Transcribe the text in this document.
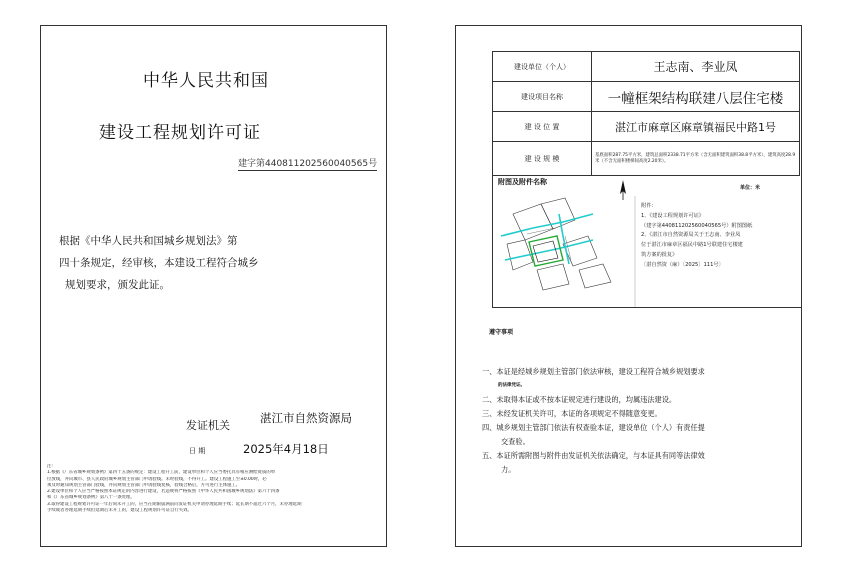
中华人民共和国
建设工程规划许可证
建字第440811202560040565号
根据《中华人民共和国城乡规划法》第
四十条规定，经审核，本建设工程符合城乡
规划要求，颁发此证。
发证机关
湛江市自然资源局
日 期	2025年4月18日
注:
1.根据《广东省城乡规划条例》第四十五条的规定：建设工程开工前，建设单位和个人应当委托具有相应测绘资质的单
位放线，并向城市、县人民政府城乡规划主管部门申请验线。未经验线，不得开工。建设工程施工至±0.00时，必
须及时通知规划主管部门验线，并向规划主管部门申请验线复核，验线合格后，方可进行主体施工。
2.建设单位和个人应当严格按照本证规定的内容进行建设，若违规将严格按照《中华人民共和国城乡规划法》第六十四条
和《广东省城乡规划条例》第八十一条处理。
3.取得建设工程规划许可证一年后尚未开工的，应当在期限届满前向发证机关申请办理延期手续；延长期不超过六个月，未办理延期
手续或者办理延期手续但延期后未开工的，建设工程规划许可证自行失效。
建设单位（个人）	王志南、李业凤
建设项目名称	一幢框架结构联建八层住宅楼
建 设 位 置	湛江市麻章区麻章镇福民中路1号
建 设 规 模	基底面积287.75平方米，建筑总面积2338.71平方米（含无面积建筑面积38.8平方米），建筑高度28.9米（不含无面积楼梯间高度2.20米）。
附图及附件名称
单位：米
附件：
1、《建设工程规划许可证》
（建字第440811202560040565号）附图图纸
2、《湛江市自然资源局关于王志南、李业凤
位于湛江市麻章区福民中路1号联建住宅楼建
筑方案的批复》
〔湛自然资（麻）〔2025〕111号〕
遵守事项
一、本证是经城乡规划主管部门依法审核，建设工程符合城乡规划要求
的法律凭证。
二、未取得本证或不按本证规定进行建设的，均属违法建设。
三、未经发证机关许可，本证的各项规定不得随意变更。
四、城乡规划主管部门依法有权查验本证，建设单位（个人）有责任提
交查验。
五、本证所需附图与附件由发证机关依法确定，与本证具有同等法律效
力。
